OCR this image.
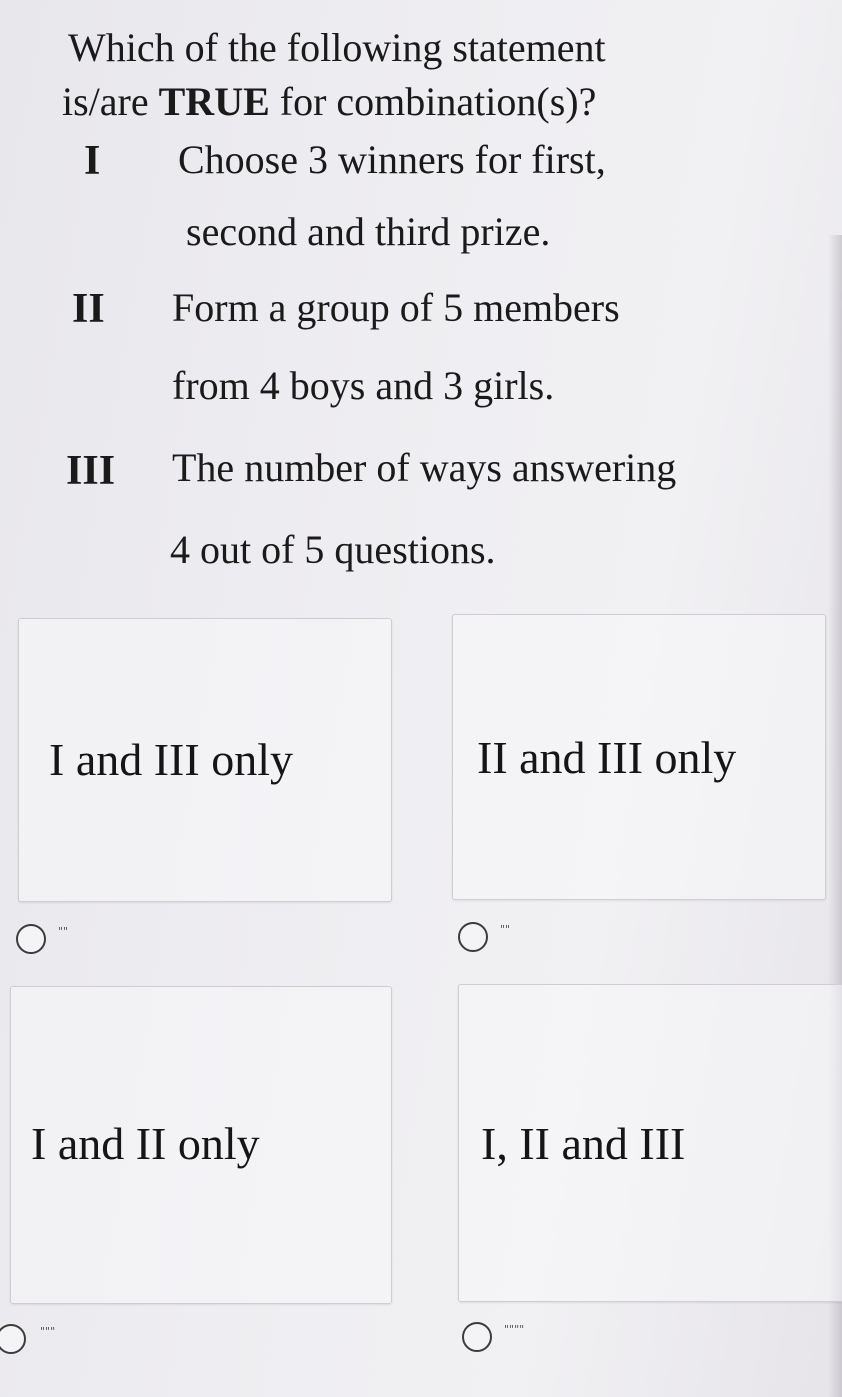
Which of the following statement
is/are TRUE for combination(s)?
I Choose 3 winners for first,
second and third prize.
II Form a group of 5 members
from 4 boys and 3 girls.
III The number of ways answering
4 out of 5 questions.
I and III only
""
II and III only
""
I and II only
"""
I, II and III
""""
